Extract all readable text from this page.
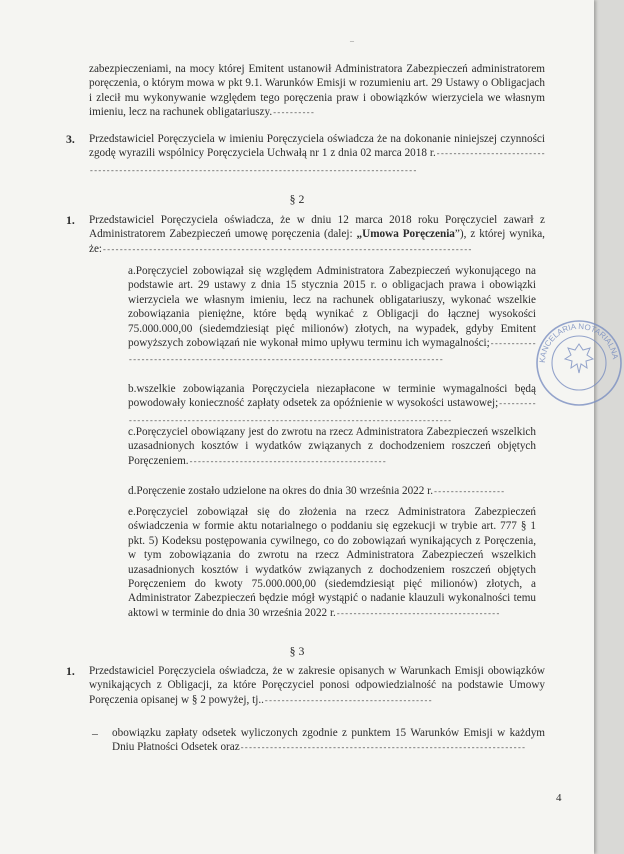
–

zabezpieczeniami, na mocy której Emitent ustanowił Administratora Zabezpieczeń administratorem poręczenia, o którym mowa w pkt 9.1. Warunków Emisji w rozumieniu art. 29 Ustawy o Obligacjach i zlecił mu wykonywanie względem tego poręczenia praw i obowiązków wierzyciela we własnym imieniu, lecz na rachunek obligatariuszy.----------

3. Przedstawiciel Poręczyciela w imieniu Poręczyciela oświadcza że na dokonanie niniejszej czynności zgodę wyrazili wspólnicy Poręczyciela Uchwałą nr 1 z dnia 02 marca 2018 r.--------------------------------------------------------------------------------------------------------

§ 2
1. Przedstawiciel Poręczyciela oświadcza, że w dniu 12 marca 2018 roku Poręczyciel zawarł z Administratorem Zabezpieczeń umowę poręczenia (dalej: „Umowa Poręczenia”), z której wynika, że:----------------------------------------------------------------------------------------

a.Poręczyciel zobowiązał się względem Administratora Zabezpieczeń wykonującego na podstawie art. 29 ustawy z dnia 15 stycznia 2015 r. o obligacjach prawa i obowiązki wierzyciela we własnym imieniu, lecz na rachunek obligatariuszy, wykonać wszelkie zobowiązania pieniężne, które będą wynikać z Obligacji do łącznej wysokości 75.000.000,00 (siedemdziesiąt pięć milionów) złotych, na wypadek, gdyby Emitent powyższych zobowiązań nie wykonał mimo upływu terminu ich wymagalności;--------------------------------------------------------------------------------------

b.wszelkie zobowiązania Poręczyciela niezapłacone w terminie wymagalności będą powodowały konieczność zapłaty odsetek za opóźnienie w wysokości ustawowej;--------------------------------------------------------------------------------------

c.Poręczyciel obowiązany jest do zwrotu na rzecz Administratora Zabezpieczeń wszelkich uzasadnionych kosztów i wydatków związanych z dochodzeniem roszczeń objętych Poręczeniem.-----------------------------------------------

d.Poręczenie zostało udzielone na okres do dnia 30 września 2022 r.-----------------

e.Poręczyciel zobowiązał się do złożenia na rzecz Administratora Zabezpieczeń oświadczenia w formie aktu notarialnego o poddaniu się egzekucji w trybie art. 777 § 1 pkt. 5) Kodeksu postępowania cywilnego, co do zobowiązań wynikających z Poręczenia, w tym zobowiązania do zwrotu na rzecz Administratora Zabezpieczeń wszelkich uzasadnionych kosztów i wydatków związanych z dochodzeniem roszczeń objętych Poręczeniem do kwoty 75.000.000,00 (siedemdziesiąt pięć milionów) złotych, a Administrator Zabezpieczeń będzie mógł wystąpić o nadanie klauzuli wykonalności temu aktowi w terminie do dnia 30 września 2022 r.---------------------------------------

§ 3
1. Przedstawiciel Poręczyciela oświadcza, że w zakresie opisanych w Warunkach Emisji obowiązków wynikających z Obligacji, za które Poręczyciel ponosi odpowiedzialność na podstawie Umowy Poręczenia opisanej w § 2 powyżej, tj..----------------------------------------

– obowiązku zapłaty odsetek wyliczonych zgodnie z punktem 15 Warunków Emisji w każdym Dniu Płatności Odsetek oraz--------------------------------------------------------------------

4
KANCELARIA NOTARIALNA
